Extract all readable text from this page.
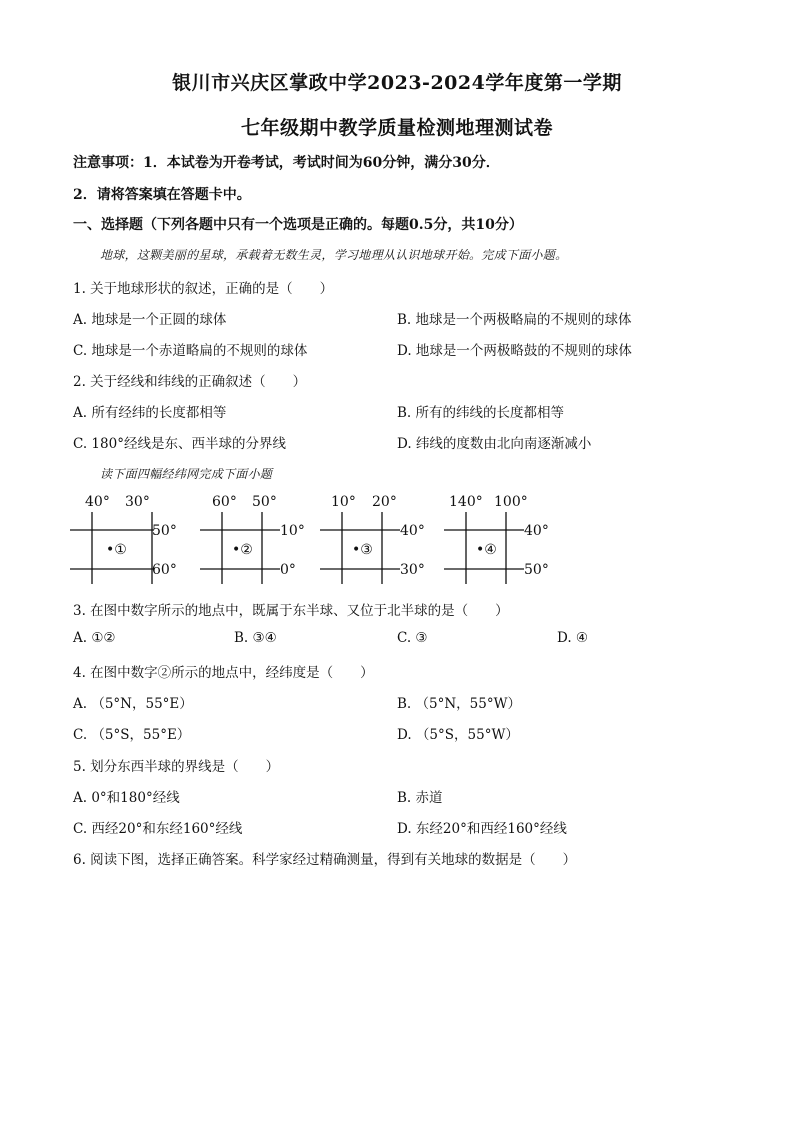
银川市兴庆区掌政中学2023-2024学年度第一学期
七年级期中教学质量检测地理测试卷
注意事项：1．本试卷为开卷考试，考试时间为60分钟，满分30分．
2．请将答案填在答题卡中。
一、选择题（下列各题中只有一个选项是正确的。每题0.5分，共10分）
地球，这颗美丽的星球，承载着无数生灵，学习地理从认识地球开始。完成下面小题。
1. 关于地球形状的叙述，正确的是（　　）
A. 地球是一个正圆的球体	B. 地球是一个两极略扁的不规则的球体
C. 地球是一个赤道略扁的不规则的球体	D. 地球是一个两极略鼓的不规则的球体
2. 关于经线和纬线的正确叙述（　　）
A. 所有经纬的长度都相等	B. 所有的纬线的长度都相等
C. 180°经线是东、西半球的分界线	D. 纬线的度数由北向南逐渐减小
读下面四幅经纬网完成下面小题
40° 30°
50°
60°
•①
60° 50°
10°
0°
•②
10° 20°
40°
30°
•③
140° 100°
40°
50°
•④
3. 在图中数字所示的地点中，既属于东半球、又位于北半球的是（　　）
A. ①②	B. ③④	C. ③	D. ④
4. 在图中数字②所示的地点中，经纬度是（　　）
A. （5°N，55°E）	B. （5°N，55°W）
C. （5°S，55°E）	D. （5°S，55°W）
5. 划分东西半球的界线是（　　）
A. 0°和180°经线	B. 赤道
C. 西经20°和东经160°经线	D. 东经20°和西经160°经线
6. 阅读下图，选择正确答案。科学家经过精确测量，得到有关地球的数据是（　　）
